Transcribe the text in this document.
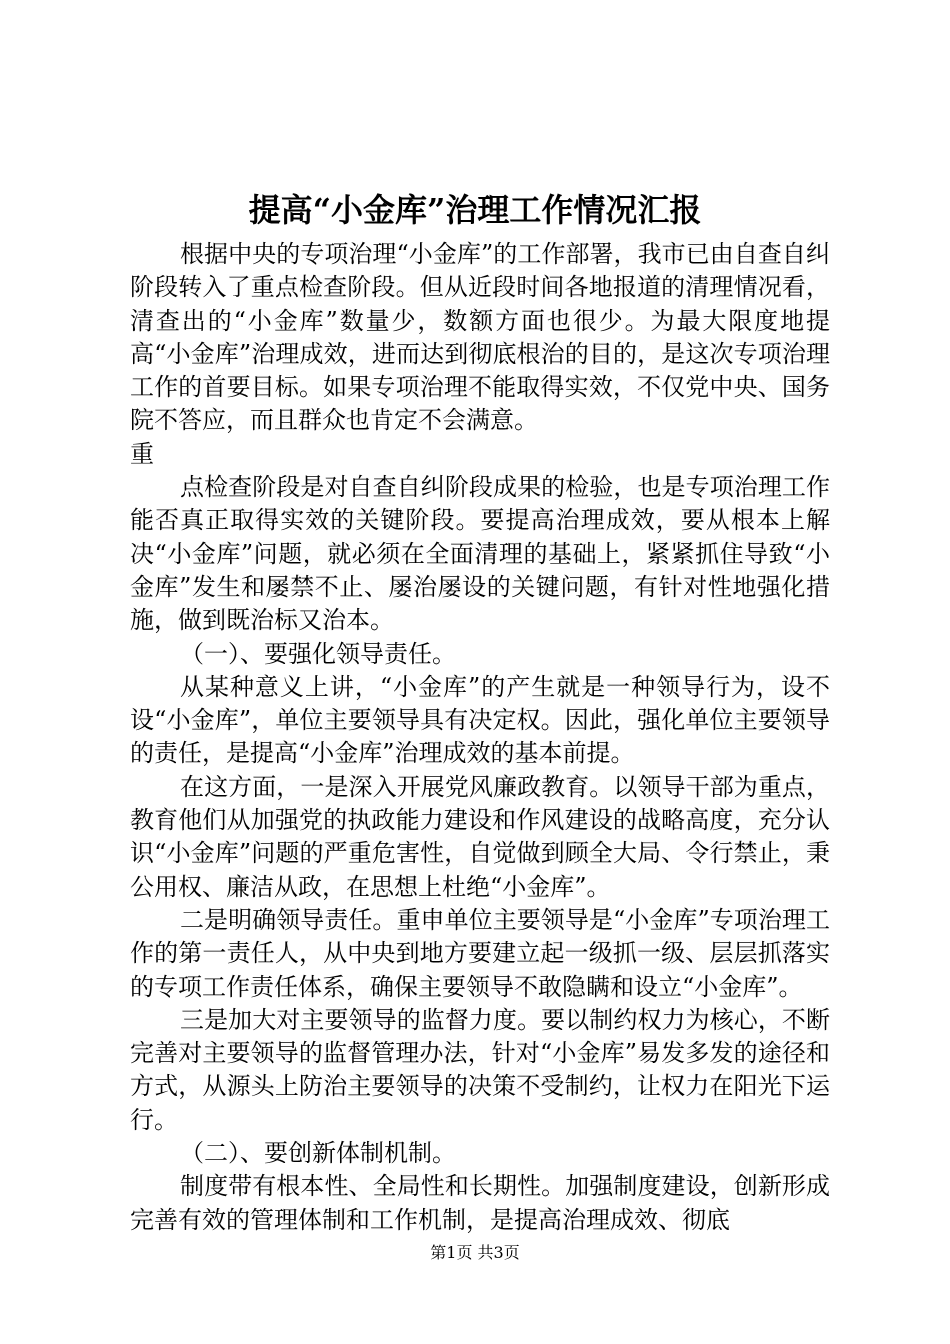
提高“小金库”治理工作情况汇报

根据中央的专项治理“小金库”的工作部署，我市已由自查自纠阶段转入了重点检查阶段。但从近段时间各地报道的清理情况看，清查出的“小金库”数量少，数额方面也很少。为最大限度地提高“小金库”治理成效，进而达到彻底根治的目的，是这次专项治理工作的首要目标。如果专项治理不能取得实效，不仅党中央、国务院不答应，而且群众也肯定不会满意。

重

点检查阶段是对自查自纠阶段成果的检验，也是专项治理工作能否真正取得实效的关键阶段。要提高治理成效，要从根本上解决“小金库”问题，就必须在全面清理的基础上，紧紧抓住导致“小金库”发生和屡禁不止、屡治屡设的关键问题，有针对性地强化措施，做到既治标又治本。

（一）、要强化领导责任。

从某种意义上讲，“小金库”的产生就是一种领导行为，设不设“小金库”，单位主要领导具有决定权。因此，强化单位主要领导的责任，是提高“小金库”治理成效的基本前提。

在这方面，一是深入开展党风廉政教育。以领导干部为重点，教育他们从加强党的执政能力建设和作风建设的战略高度，充分认识“小金库”问题的严重危害性，自觉做到顾全大局、令行禁止，秉公用权、廉洁从政，在思想上杜绝“小金库”。

二是明确领导责任。重申单位主要领导是“小金库”专项治理工作的第一责任人，从中央到地方要建立起一级抓一级、层层抓落实的专项工作责任体系，确保主要领导不敢隐瞒和设立“小金库”。

三是加大对主要领导的监督力度。要以制约权力为核心，不断完善对主要领导的监督管理办法，针对“小金库”易发多发的途径和方式，从源头上防治主要领导的决策不受制约，让权力在阳光下运行。

（二）、要创新体制机制。

制度带有根本性、全局性和长期性。加强制度建设，创新形成完善有效的管理体制和工作机制，是提高治理成效、彻底

第1页 共3页
